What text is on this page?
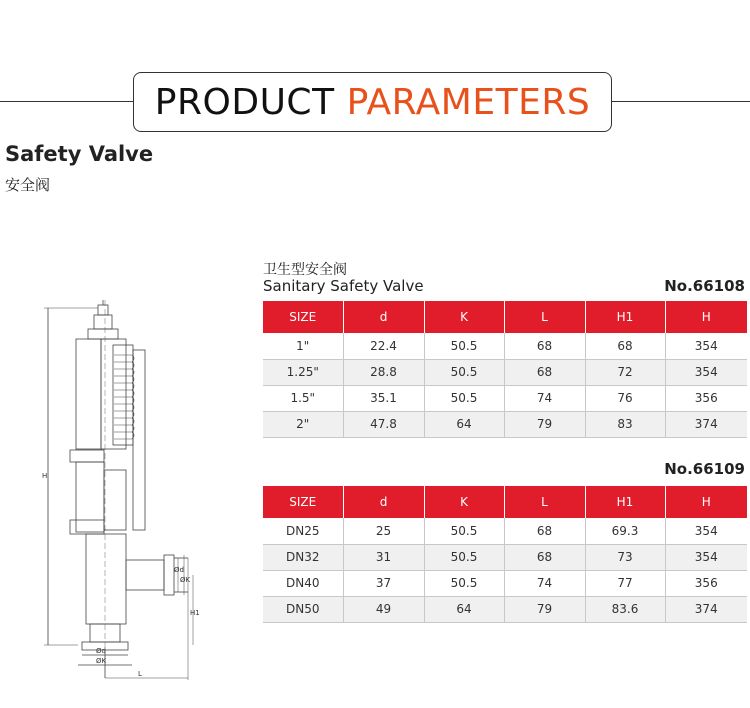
PRODUCT PARAMETERS
Safety Valve
安全阀
卫生型安全阀
Sanitary Safety Valve	No.66108
No.66109
SIZE	d	K	L	H1	H
1"	22.4	50.5	68	68	354
1.25"	28.8	50.5	68	72	354
1.5"	35.1	50.5	74	76	356
2"	47.8	64	79	83	374
SIZE	d	K	L	H1	H
DN25	25	50.5	68	69.3	354
DN32	31	50.5	68	73	354
DN40	37	50.5	74	77	356
DN50	49	64	79	83.6	374
H
H1
L
Ød
ØK
Ød
ØK
